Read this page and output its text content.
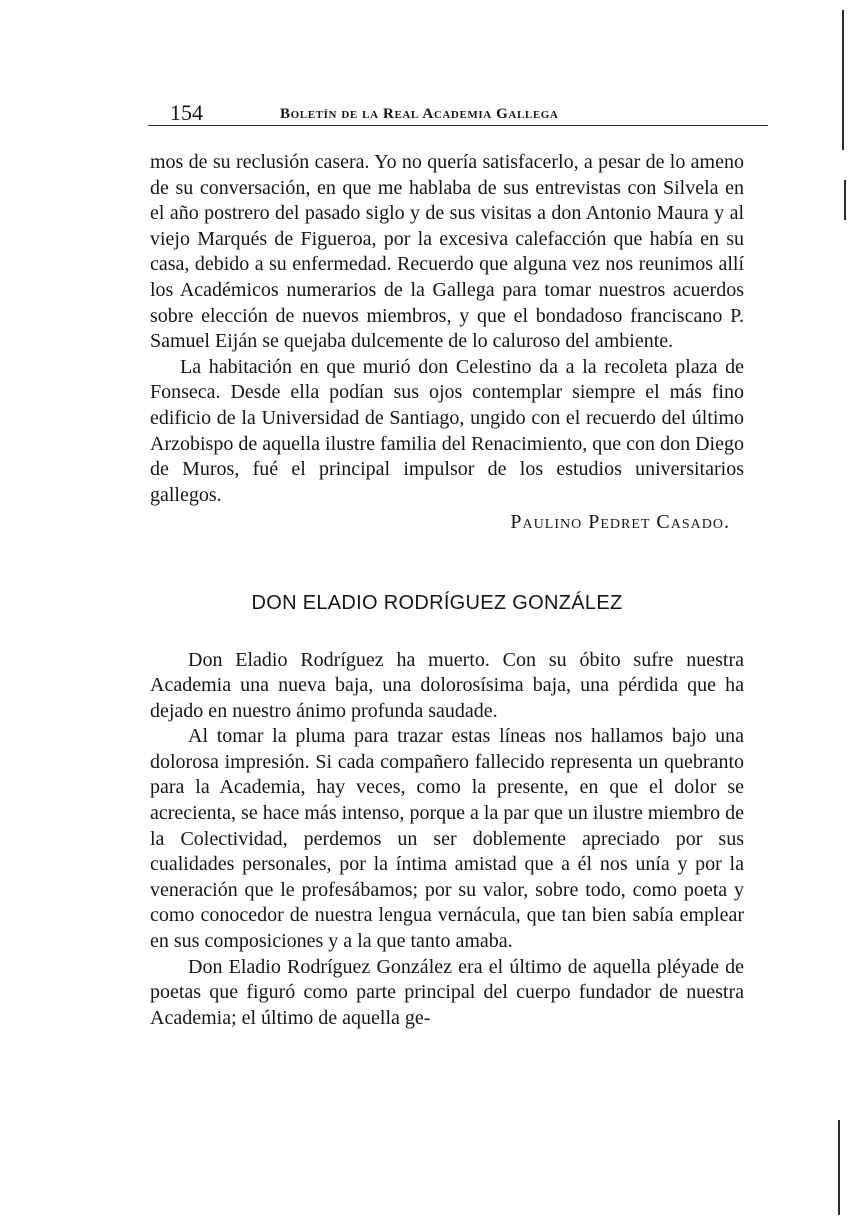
154	Boletín de la Real Academia Gallega

mos de su reclusión casera. Yo no quería satisfacerlo, a pesar de lo ameno de su conversación, en que me hablaba de sus entrevistas con Silvela en el año postrero del pasado siglo y de sus visitas a don Antonio Maura y al viejo Marqués de Figueroa, por la excesiva calefacción que había en su casa, debido a su enfermedad. Recuerdo que alguna vez nos reunimos allí los Académicos numerarios de la Gallega para tomar nuestros acuerdos sobre elección de nuevos miembros, y que el bondadoso franciscano P. Samuel Eiján se quejaba dulcemente de lo caluroso del ambiente.

La habitación en que murió don Celestino da a la recoleta plaza de Fonseca. Desde ella podían sus ojos contemplar siempre el más fino edificio de la Universidad de Santiago, ungido con el recuerdo del último Arzobispo de aquella ilustre familia del Renacimiento, que con don Diego de Muros, fué el principal impulsor de los estudios universitarios gallegos.

Paulino Pedret Casado.

DON ELADIO RODRÍGUEZ GONZÁLEZ

Don Eladio Rodríguez ha muerto. Con su óbito sufre nuestra Academia una nueva baja, una dolorosísima baja, una pérdida que ha dejado en nuestro ánimo profunda saudade.

Al tomar la pluma para trazar estas líneas nos hallamos bajo una dolorosa impresión. Si cada compañero fallecido representa un quebranto para la Academia, hay veces, como la presente, en que el dolor se acrecienta, se hace más intenso, porque a la par que un ilustre miembro de la Colectividad, perdemos un ser doblemente apreciado por sus cualidades personales, por la íntima amistad que a él nos unía y por la veneración que le profesábamos; por su valor, sobre todo, como poeta y como conocedor de nuestra lengua vernácula, que tan bien sabía emplear en sus composiciones y a la que tanto amaba.

Don Eladio Rodríguez González era el último de aquella pléyade de poetas que figuró como parte principal del cuerpo fundador de nuestra Academia; el último de aquella ge-
